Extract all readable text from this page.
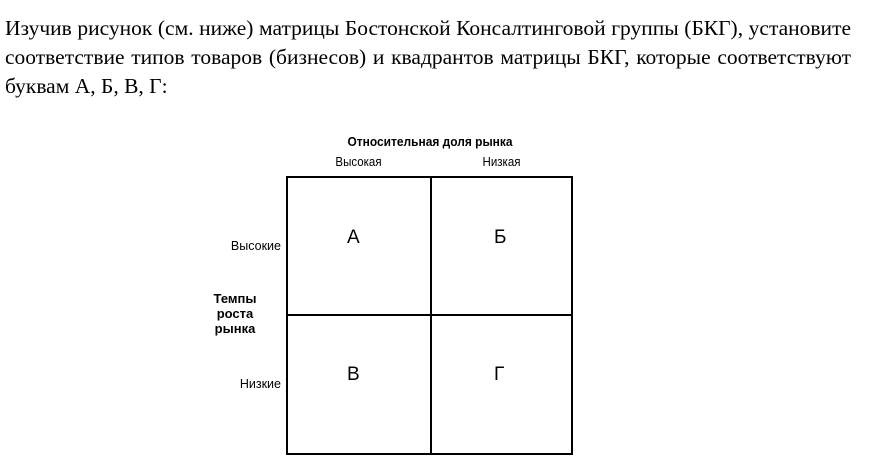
Изучив рисунок (см. ниже) матрицы Бостонской Консалтинговой группы (БКГ), установите соответствие типов товаров (бизнесов) и квадрантов матрицы БКГ, которые соответствуют буквам А, Б, В, Г:

Относительная доля рынка
Высокая	Низкая
Высокие
Темпы
роста
рынка
Низкие
А	Б
В	Г
